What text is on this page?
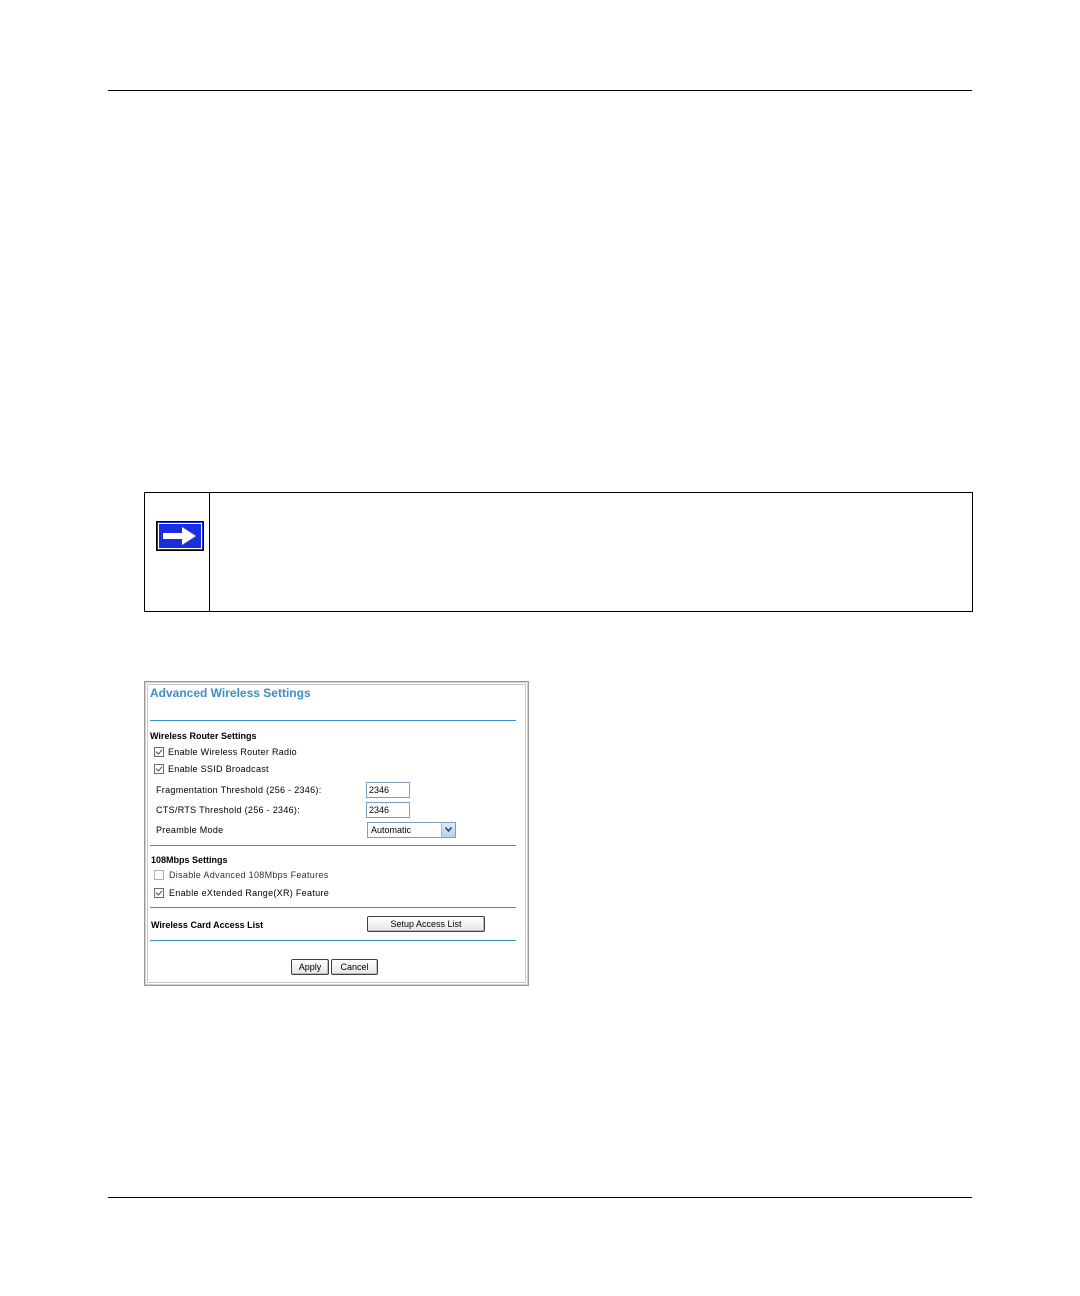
Advanced Wireless Settings
Wireless Router Settings
Enable Wireless Router Radio
Enable SSID Broadcast
Fragmentation Threshold (256 - 2346):	2346
CTS/RTS Threshold (256 - 2346):	2346
Preamble Mode	Automatic
108Mbps Settings
Disable Advanced 108Mbps Features
Enable eXtended Range(XR) Feature
Wireless Card Access List	Setup Access List
Apply	Cancel
